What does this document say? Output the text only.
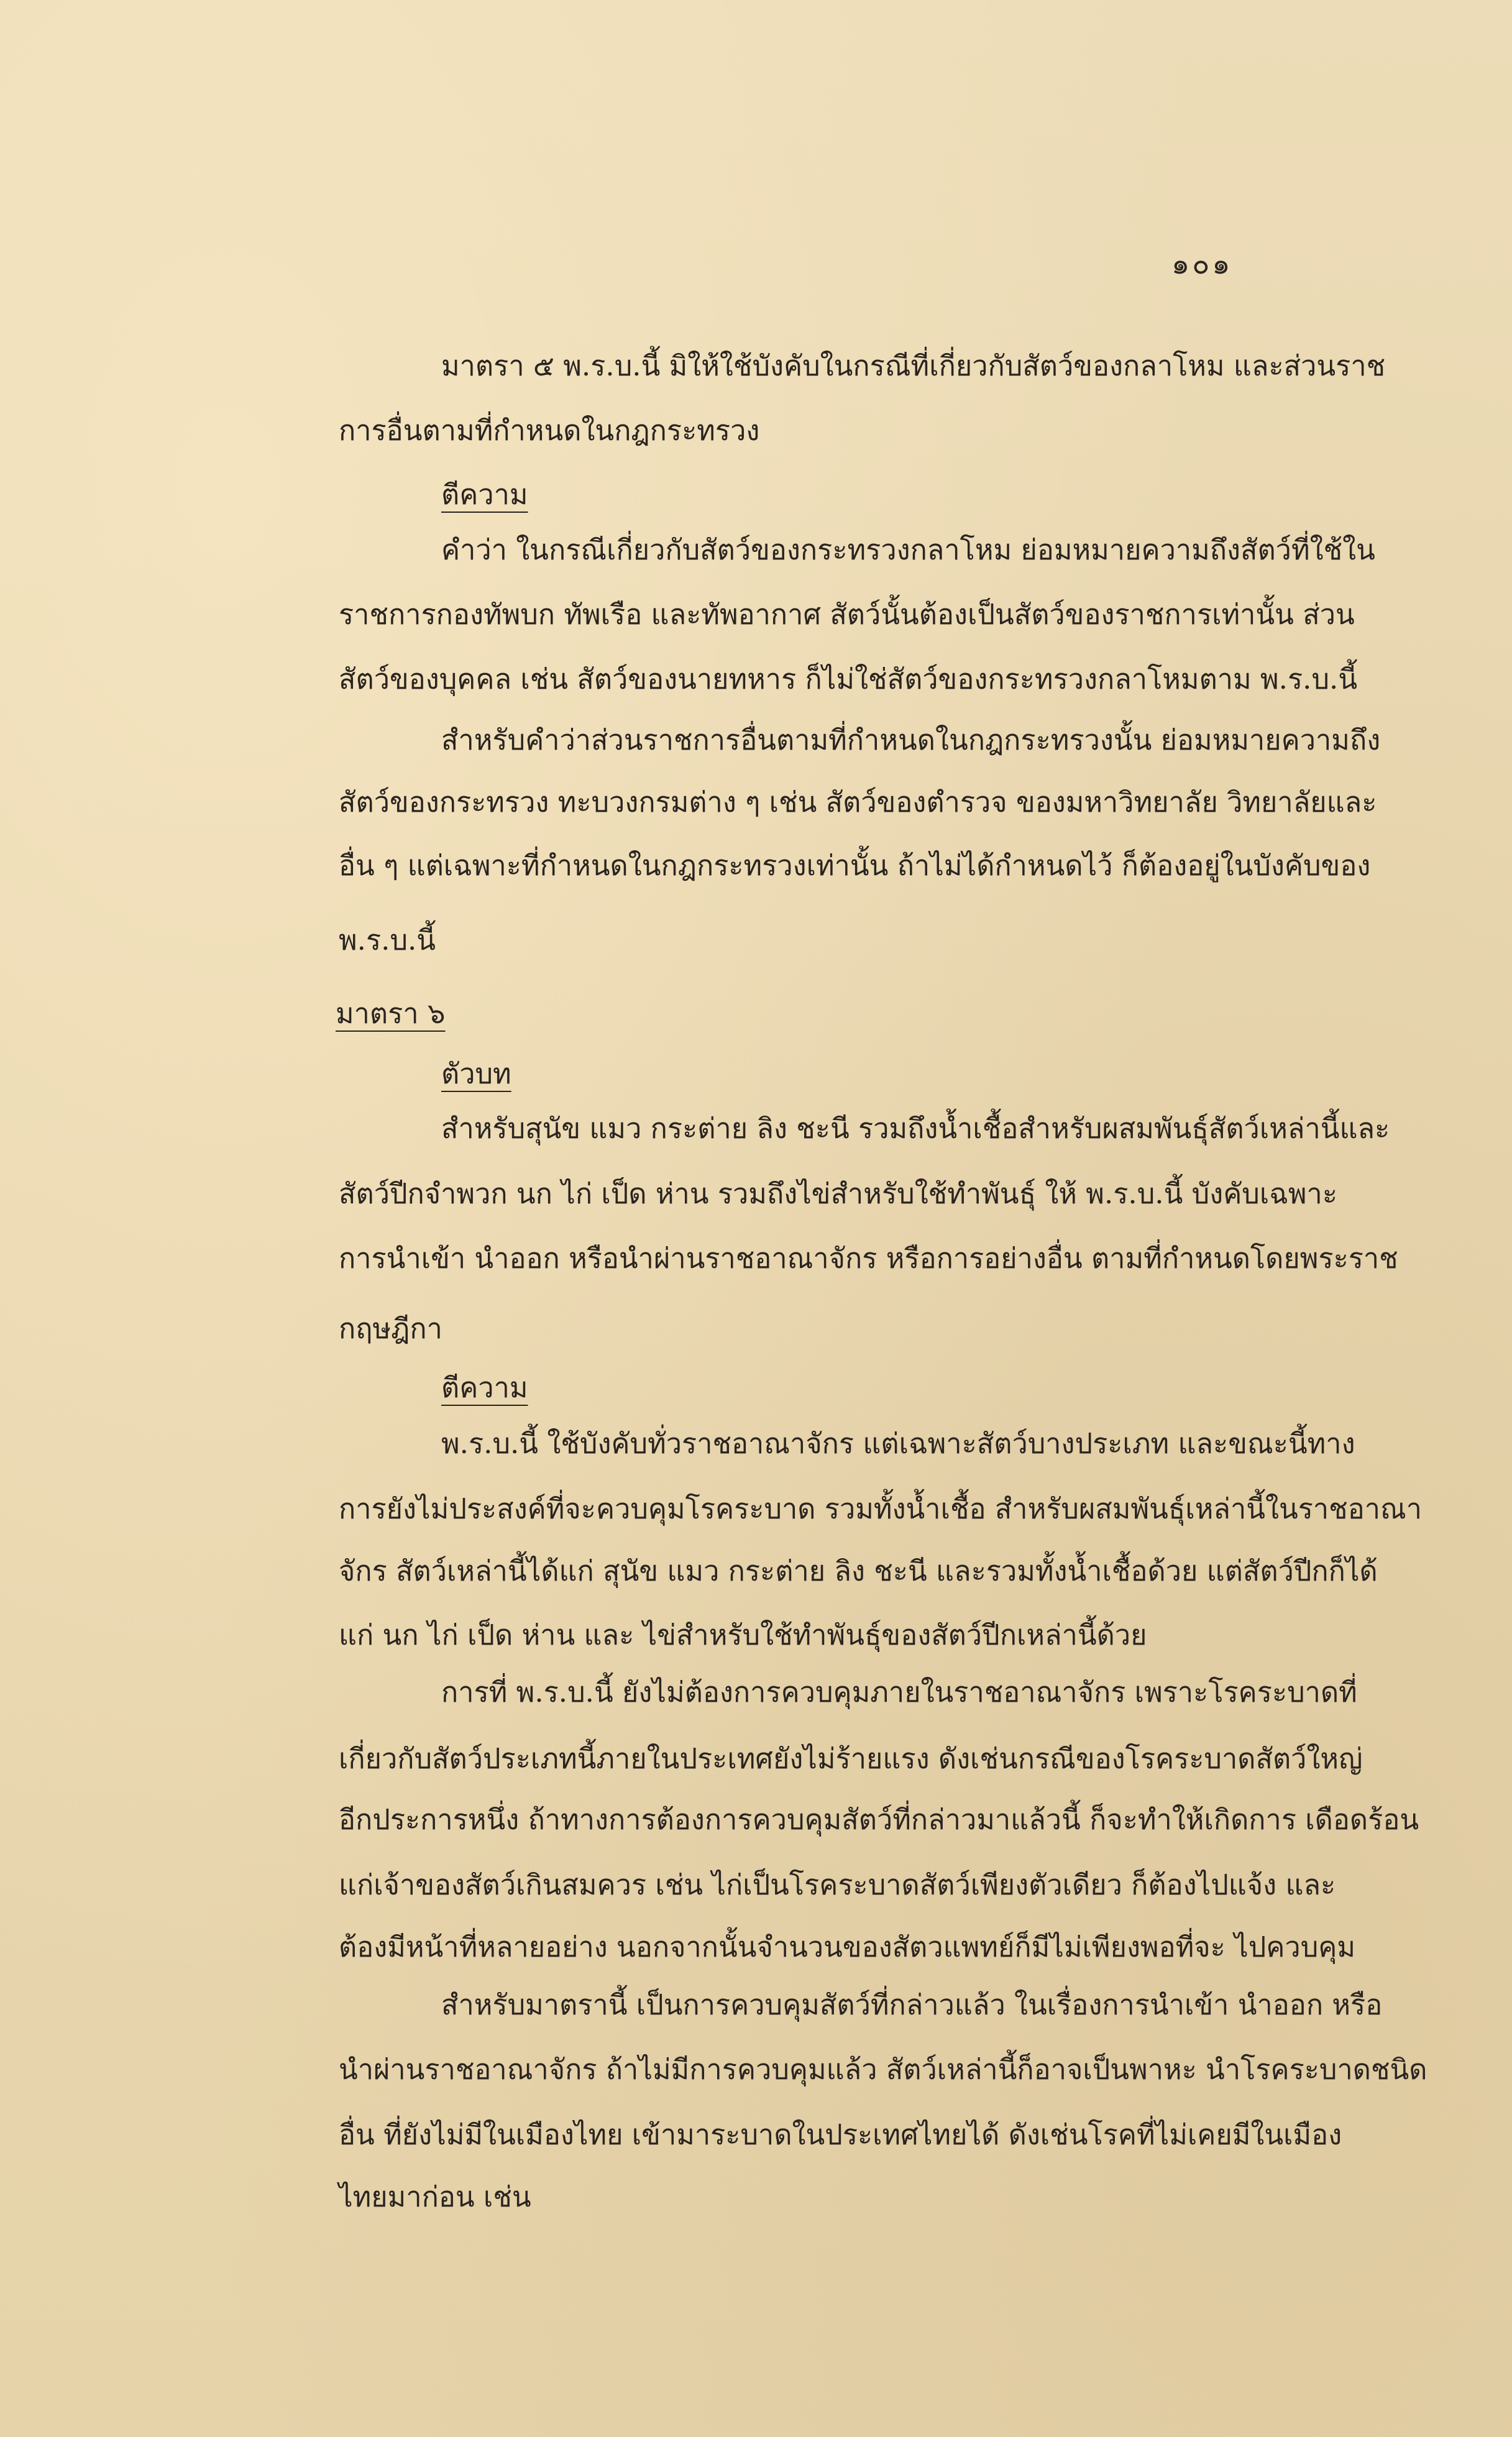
๑๐๑
มาตรา ๕ พ.ร.บ.นี้ มิให้ใช้บังคับในกรณีที่เกี่ยวกับสัตว์ของกลาโหม และส่วนราช
การอื่นตามที่กำหนดในกฎกระทรวง
ตีความ
คำว่า ในกรณีเกี่ยวกับสัตว์ของกระทรวงกลาโหม ย่อมหมายความถึงสัตว์ที่ใช้ใน
ราชการกองทัพบก ทัพเรือ และทัพอากาศ สัตว์นั้นต้องเป็นสัตว์ของราชการเท่านั้น ส่วน
สัตว์ของบุคคล เช่น สัตว์ของนายทหาร ก็ไม่ใช่สัตว์ของกระทรวงกลาโหมตาม พ.ร.บ.นี้
สำหรับคำว่าส่วนราชการอื่นตามที่กำหนดในกฎกระทรวงนั้น ย่อมหมายความถึง
สัตว์ของกระทรวง ทะบวงกรมต่าง ๆ เช่น สัตว์ของตำรวจ ของมหาวิทยาลัย วิทยาลัยและ
อื่น ๆ แต่เฉพาะที่กำหนดในกฎกระทรวงเท่านั้น ถ้าไม่ได้กำหนดไว้ ก็ต้องอยู่ในบังคับของ
พ.ร.บ.นี้
มาตรา ๖
ตัวบท
สำหรับสุนัข แมว กระต่าย ลิง ชะนี รวมถึงน้ำเชื้อสำหรับผสมพันธุ์สัตว์เหล่านี้และ
สัตว์ปีกจำพวก นก ไก่ เป็ด ห่าน รวมถึงไข่สำหรับใช้ทำพันธุ์ ให้ พ.ร.บ.นี้ บังคับเฉพาะ
การนำเข้า นำออก หรือนำผ่านราชอาณาจักร หรือการอย่างอื่น ตามที่กำหนดโดยพระราช
กฤษฎีกา
ตีความ
พ.ร.บ.นี้ ใช้บังคับทั่วราชอาณาจักร แต่เฉพาะสัตว์บางประเภท และขณะนี้ทาง
การยังไม่ประสงค์ที่จะควบคุมโรคระบาด รวมทั้งน้ำเชื้อ สำหรับผสมพันธุ์เหล่านี้ในราชอาณา
จักร สัตว์เหล่านี้ได้แก่ สุนัข แมว กระต่าย ลิง ชะนี และรวมทั้งน้ำเชื้อด้วย แต่สัตว์ปีกก็ได้
แก่ นก ไก่ เป็ด ห่าน และ ไข่สำหรับใช้ทำพันธุ์ของสัตว์ปีกเหล่านี้ด้วย
การที่ พ.ร.บ.นี้ ยังไม่ต้องการควบคุมภายในราชอาณาจักร เพราะโรคระบาดที่
เกี่ยวกับสัตว์ประเภทนี้ภายในประเทศยังไม่ร้ายแรง ดังเช่นกรณีของโรคระบาดสัตว์ใหญ่
อีกประการหนึ่ง ถ้าทางการต้องการควบคุมสัตว์ที่กล่าวมาแล้วนี้ ก็จะทำให้เกิดการ เดือดร้อน
แก่เจ้าของสัตว์เกินสมควร เช่น ไก่เป็นโรคระบาดสัตว์เพียงตัวเดียว ก็ต้องไปแจ้ง และ
ต้องมีหน้าที่หลายอย่าง นอกจากนั้นจำนวนของสัตวแพทย์ก็มีไม่เพียงพอที่จะ ไปควบคุม
สำหรับมาตรานี้ เป็นการควบคุมสัตว์ที่กล่าวแล้ว ในเรื่องการนำเข้า นำออก หรือ
นำผ่านราชอาณาจักร ถ้าไม่มีการควบคุมแล้ว สัตว์เหล่านี้ก็อาจเป็นพาหะ นำโรคระบาดชนิด
อื่น ที่ยังไม่มีในเมืองไทย เข้ามาระบาดในประเทศไทยได้ ดังเช่นโรคที่ไม่เคยมีในเมือง
ไทยมาก่อน เช่น
